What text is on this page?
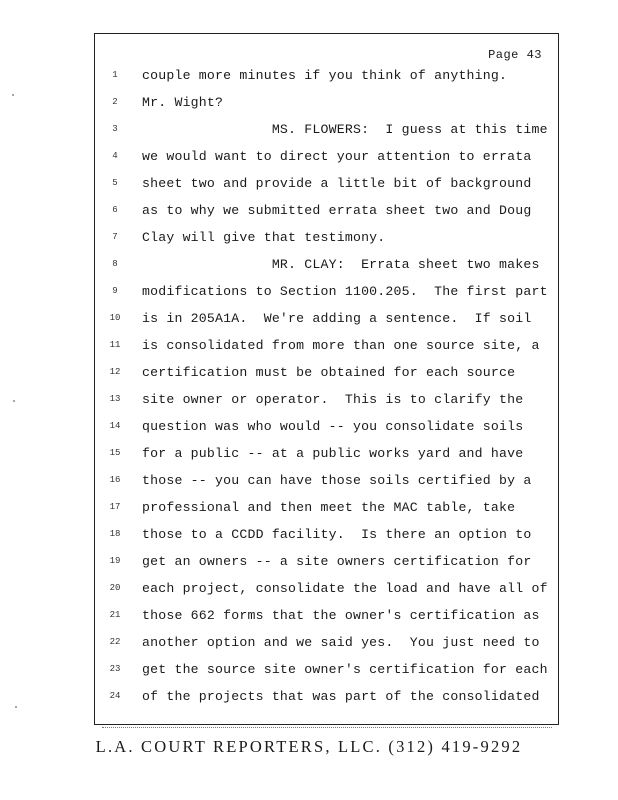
Page 43
1	couple more minutes if you think of anything.
2	Mr. Wight?
3	MS. FLOWERS:  I guess at this time
4	we would want to direct your attention to errata
5	sheet two and provide a little bit of background
6	as to why we submitted errata sheet two and Doug
7	Clay will give that testimony.
8	MR. CLAY:  Errata sheet two makes
9	modifications to Section 1100.205.  The first part
10	is in 205A1A.  We're adding a sentence.  If soil
11	is consolidated from more than one source site, a
12	certification must be obtained for each source
13	site owner or operator.  This is to clarify the
14	question was who would -- you consolidate soils
15	for a public -- at a public works yard and have
16	those -- you can have those soils certified by a
17	professional and then meet the MAC table, take
18	those to a CCDD facility.  Is there an option to
19	get an owners -- a site owners certification for
20	each project, consolidate the load and have all of
21	those 662 forms that the owner's certification as
22	another option and we said yes.  You just need to
23	get the source site owner's certification for each
24	of the projects that was part of the consolidated
L.A. COURT REPORTERS, LLC. (312) 419-9292
